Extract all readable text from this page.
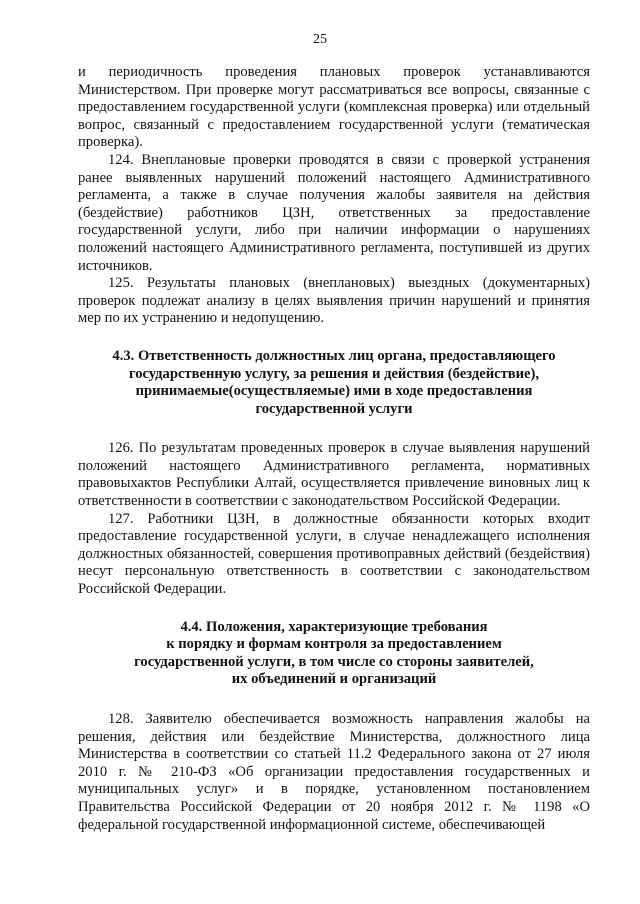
25

и периодичность проведения плановых проверок устанавливаются Министерством. При проверке могут рассматриваться все вопросы, связанные с предоставлением государственной услуги (комплексная проверка) или отдельный вопрос, связанный с предоставлением государственной услуги (тематическая проверка).

124. Внеплановые проверки проводятся в связи с проверкой устранения ранее выявленных нарушений положений настоящего Административного регламента, а также в случае получения жалобы заявителя на действия (бездействие) работников ЦЗН, ответственных за предоставление государственной услуги, либо при наличии информации о нарушениях положений настоящего Административного регламента, поступившей из других источников.

125. Результаты плановых (внеплановых) выездных (документарных) проверок подлежат анализу в целях выявления причин нарушений и принятия мер по их устранению и недопущению.

4.3. Ответственность должностных лиц органа, предоставляющего
государственную услугу, за решения и действия (бездействие),
принимаемые(осуществляемые) ими в ходе предоставления
государственной услуги

126. По результатам проведенных проверок в случае выявления нарушений положений настоящего Административного регламента, нормативных правовыхактов Республики Алтай, осуществляется привлечение виновных лиц к ответственности в соответствии с законодательством Российской Федерации.

127. Работники ЦЗН, в должностные обязанности которых входит предоставление государственной услуги, в случае ненадлежащего исполнения должностных обязанностей, совершения противоправных действий (бездействия) несут персональную ответственность в соответствии с законодательством Российской Федерации.

4.4. Положения, характеризующие требования
к порядку и формам контроля за предоставлением
государственной услуги, в том числе со стороны заявителей,
их объединений и организаций

128. Заявителю обеспечивается возможность направления жалобы на решения, действия или бездействие Министерства, должностного лица Министерства в соответствии со статьей 11.2 Федерального закона от 27 июля 2010 г. № 210-ФЗ «Об организации предоставления государственных и муниципальных услуг» и в порядке, установленном постановлением Правительства Российской Федерации от 20 ноября 2012 г. № 1198 «О федеральной государственной информационной системе, обеспечивающей
